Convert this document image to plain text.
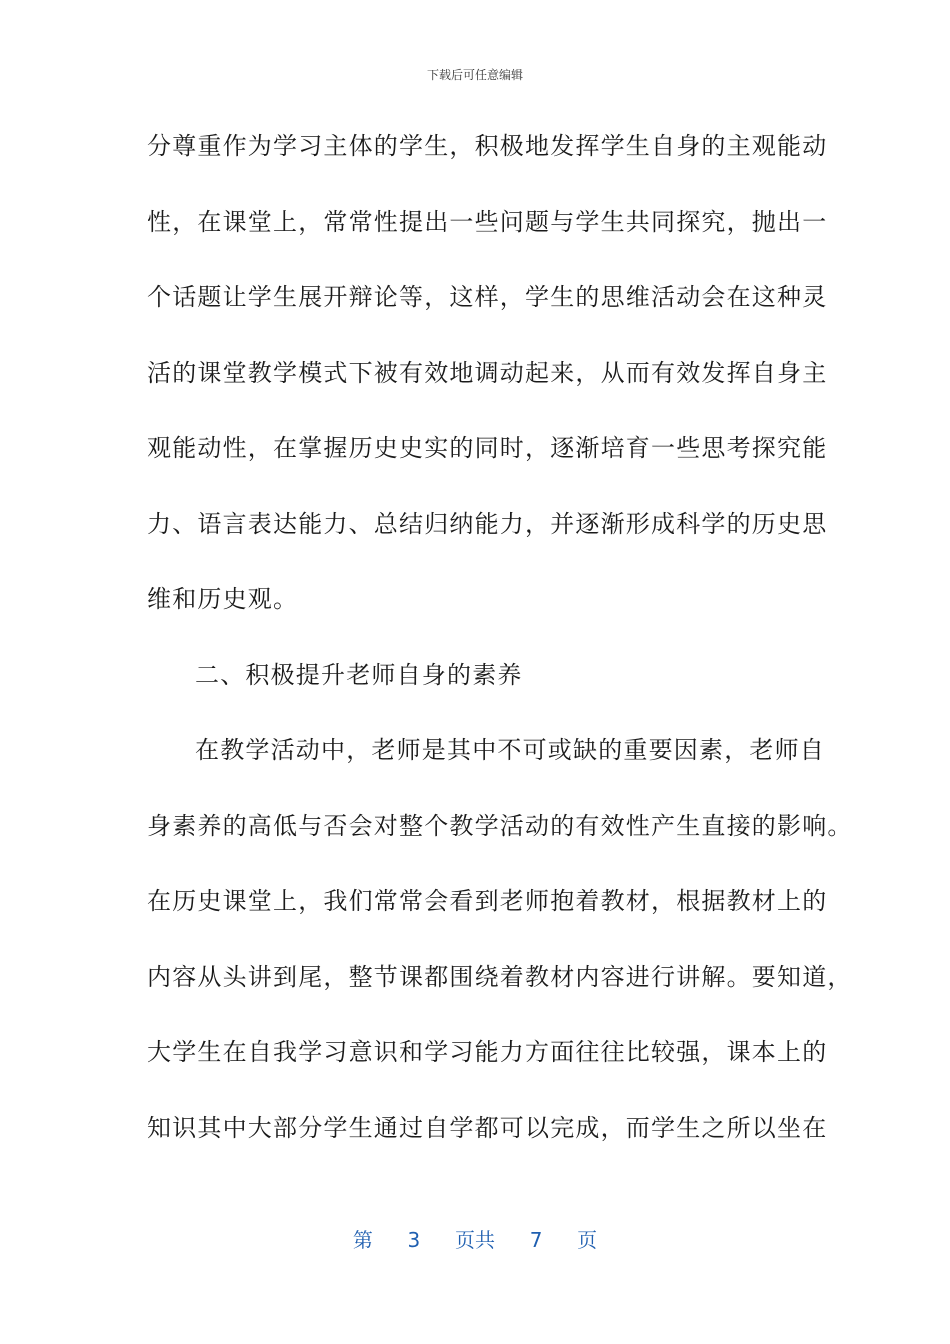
下载后可任意编辑
分尊重作为学习主体的学生，积极地发挥学生自身的主观能动
性，在课堂上，常常性提出一些问题与学生共同探究，抛出一
个话题让学生展开辩论等，这样，学生的思维活动会在这种灵
活的课堂教学模式下被有效地调动起来，从而有效发挥自身主
观能动性，在掌握历史史实的同时，逐渐培育一些思考探究能
力、语言表达能力、总结归纳能力，并逐渐形成科学的历史思
维和历史观。
二、积极提升老师自身的素养
在教学活动中，老师是其中不可或缺的重要因素，老师自
身素养的高低与否会对整个教学活动的有效性产生直接的影响。
在历史课堂上，我们常常会看到老师抱着教材，根据教材上的
内容从头讲到尾，整节课都围绕着教材内容进行讲解。要知道，
大学生在自我学习意识和学习能力方面往往比较强，课本上的
知识其中大部分学生通过自学都可以完成，而学生之所以坐在
第 3 页共 7 页
